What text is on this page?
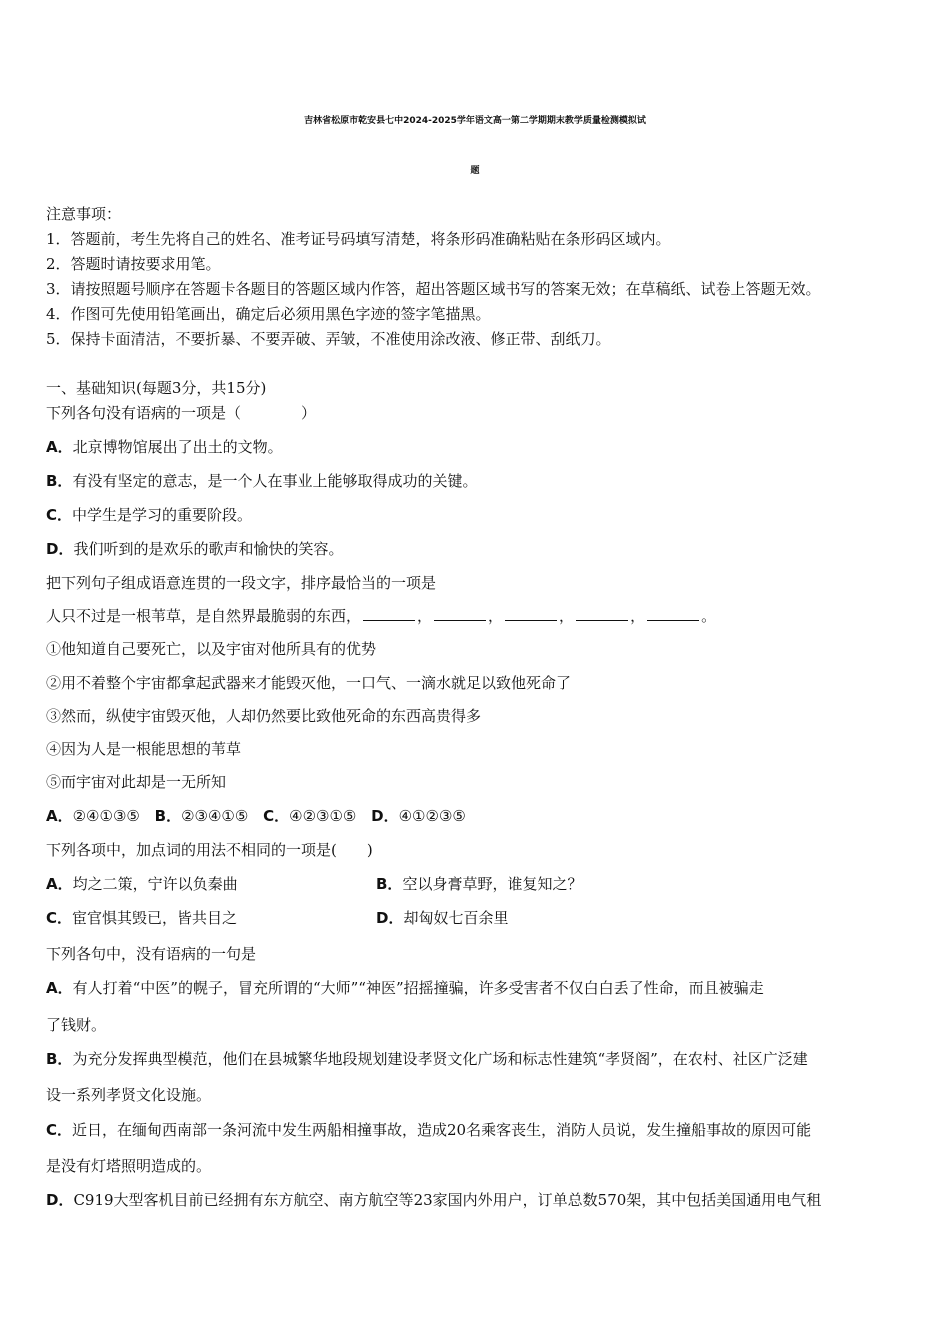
吉林省松原市乾安县七中2024-2025学年语文高一第二学期期末教学质量检测模拟试
题
注意事项：
1．答题前，考生先将自己的姓名、准考证号码填写清楚，将条形码准确粘贴在条形码区域内。
2．答题时请按要求用笔。
3．请按照题号顺序在答题卡各题目的答题区域内作答，超出答题区域书写的答案无效；在草稿纸、试卷上答题无效。
4．作图可先使用铅笔画出，确定后必须用黑色字迹的签字笔描黑。
5．保持卡面清洁，不要折暴、不要弄破、弄皱，不准使用涂改液、修正带、刮纸刀。
一、基础知识(每题3分，共15分)
下列各句没有语病的一项是（　　　　）
A．北京博物馆展出了出土的文物。
B．有没有坚定的意志，是一个人在事业上能够取得成功的关键。
C．中学生是学习的重要阶段。
D．我们听到的是欢乐的歌声和愉快的笑容。
把下列句子组成语意连贯的一段文字，排序最恰当的一项是
人只不过是一根苇草，是自然界最脆弱的东西，	，	，	，	，	。
①他知道自己要死亡，以及宇宙对他所具有的优势
②用不着整个宇宙都拿起武器来才能毁灭他，一口气、一滴水就足以致他死命了
③然而，纵使宇宙毁灭他，人却仍然要比致他死命的东西高贵得多
④因为人是一根能思想的苇草
⑤而宇宙对此却是一无所知
A．②④①③⑤ B．②③④①⑤ C．④②③①⑤ D．④①②③⑤
下列各项中，加点词的用法不相同的一项是(　　)
A．均之二策，宁许以负秦曲	B．空以身膏草野，谁复知之？
C．宦官惧其毁已，皆共目之	D．却匈奴七百余里
下列各句中，没有语病的一句是
A．有人打着“中医”的幌子，冒充所谓的“大师”“神医”招摇撞骗，许多受害者不仅白白丢了性命，而且被骗走
了钱财。
B．为充分发挥典型模范，他们在县城繁华地段规划建设孝贤文化广场和标志性建筑“孝贤阁”，在农村、社区广泛建
设一系列孝贤文化设施。
C．近日，在缅甸西南部一条河流中发生两船相撞事故，造成20名乘客丧生，消防人员说，发生撞船事故的原因可能
是没有灯塔照明造成的。
D．C919大型客机目前已经拥有东方航空、南方航空等23家国内外用户，订单总数570架，其中包括美国通用电气租
